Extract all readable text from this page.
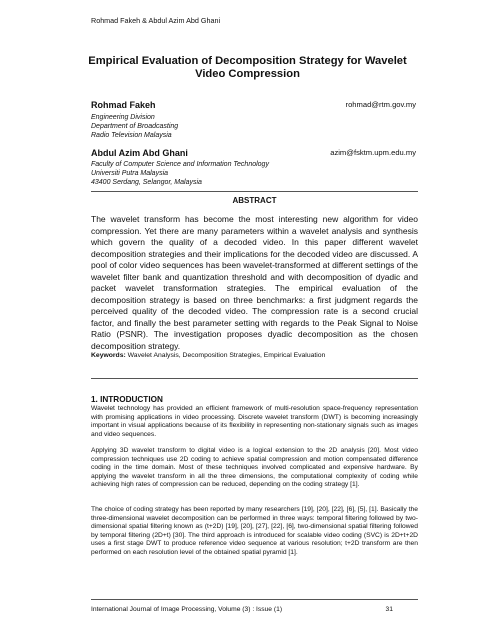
Rohmad Fakeh & Abdul Azim Abd Ghani
Empirical Evaluation of Decomposition Strategy for Wavelet
Video Compression
Rohmad Fakeh	rohmad@rtm.gov.my
Engineering Division
Department of Broadcasting
Radio Television Malaysia
Abdul Azim Abd Ghani	azim@fsktm.upm.edu.my
Faculty of Computer Science and Information Technology
Universiti Putra Malaysia
43400 Serdang, Selangor, Malaysia
ABSTRACT
The wavelet transform has become the most interesting new algorithm for video compression. Yet there are many parameters within a wavelet analysis and synthesis which govern the quality of a decoded video. In this paper different wavelet decomposition strategies and their implications for the decoded video are discussed. A pool of color video sequences has been wavelet-transformed at different settings of the wavelet filter bank and quantization threshold and with decomposition of dyadic and packet wavelet transformation strategies. The empirical evaluation of the decomposition strategy is based on three benchmarks: a first judgment regards the perceived quality of the decoded video. The compression rate is a second crucial factor, and finally the best parameter setting with regards to the Peak Signal to Noise Ratio (PSNR). The investigation proposes dyadic decomposition as the chosen decomposition strategy.
Keywords: Wavelet Analysis, Decomposition Strategies, Empirical Evaluation
1. INTRODUCTION
Wavelet technology has provided an efficient framework of multi-resolution space-frequency representation with promising applications in video processing. Discrete wavelet transform (DWT) is becoming increasingly important in visual applications because of its flexibility in representing non-stationary signals such as images and video sequences.
Applying 3D wavelet transform to digital video is a logical extension to the 2D analysis [20]. Most video compression techniques use 2D coding to achieve spatial compression and motion compensated difference coding in the time domain. Most of these techniques involved complicated and expensive hardware. By applying the wavelet transform in all the three dimensions, the computational complexity of coding while achieving high rates of compression can be reduced, depending on the coding strategy [1].
The choice of coding strategy has been reported by many researchers [19], [20], [22], [6], [5], [1]. Basically the three-dimensional wavelet decomposition can be performed in three ways: temporal filtering followed by two-dimensional spatial filtering known as (t+2D) [19], [20], [27], [22], [6], two-dimensional spatial filtering followed by temporal filtering (2D+t) [30]. The third approach is introduced for scalable video coding (SVC) is 2D+t+2D uses a first stage DWT to produce reference video sequence at various resolution; t+2D transform are then performed on each resolution level of the obtained spatial pyramid [1].
International Journal of Image Processing, Volume (3) : Issue (1)	31
